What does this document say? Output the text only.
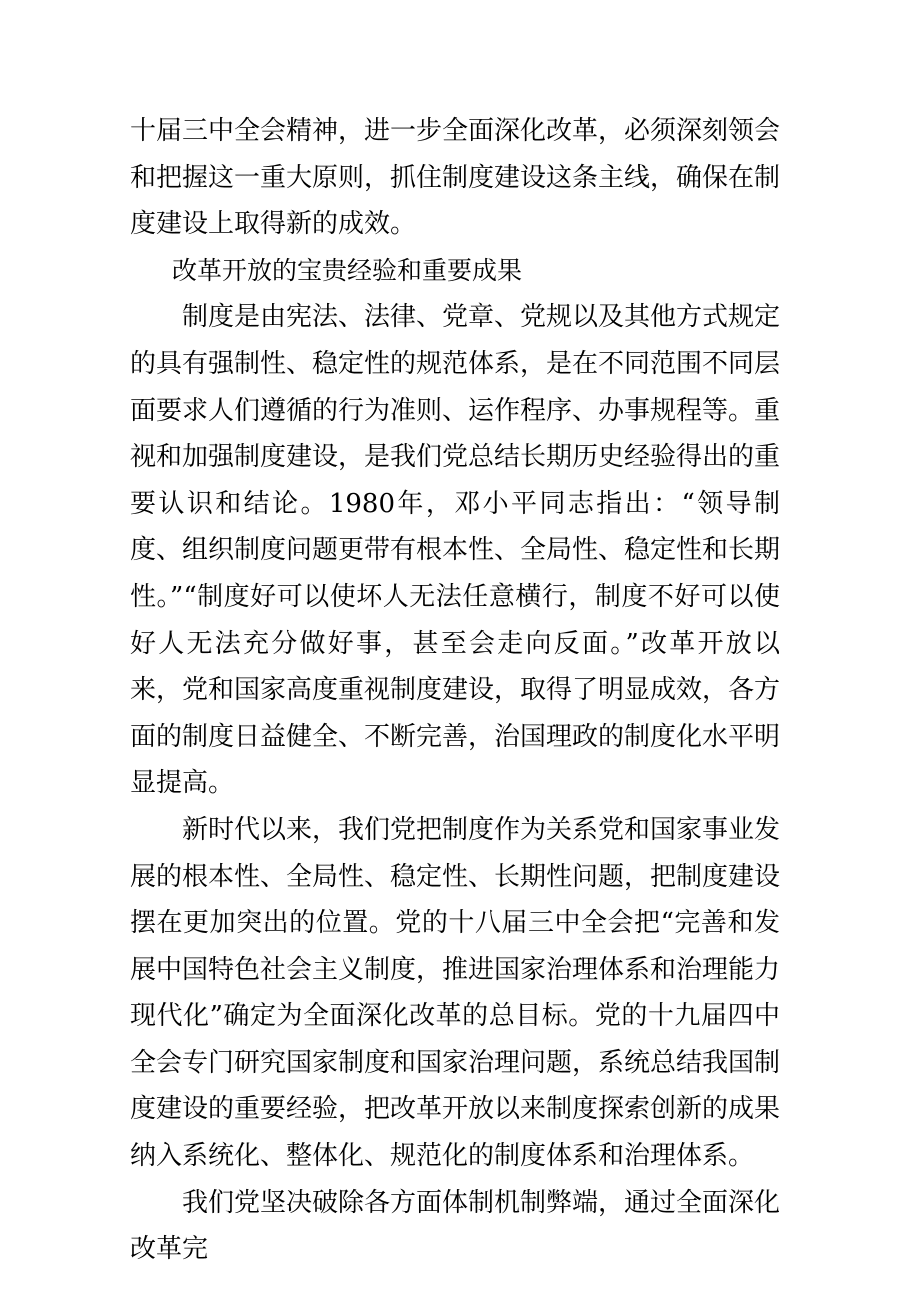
十届三中全会精神，进一步全面深化改革，必须深刻领会和把握这一重大原则，抓住制度建设这条主线，确保在制度建设上取得新的成效。

改革开放的宝贵经验和重要成果

制度是由宪法、法律、党章、党规以及其他方式规定的具有强制性、稳定性的规范体系，是在不同范围不同层面要求人们遵循的行为准则、运作程序、办事规程等。重视和加强制度建设，是我们党总结长期历史经验得出的重要认识和结论。1980年，邓小平同志指出：“领导制度、组织制度问题更带有根本性、全局性、稳定性和长期性。”“制度好可以使坏人无法任意横行，制度不好可以使好人无法充分做好事，甚至会走向反面。”改革开放以来，党和国家高度重视制度建设，取得了明显成效，各方面的制度日益健全、不断完善，治国理政的制度化水平明显提高。

新时代以来，我们党把制度作为关系党和国家事业发展的根本性、全局性、稳定性、长期性问题，把制度建设摆在更加突出的位置。党的十八届三中全会把“完善和发展中国特色社会主义制度，推进国家治理体系和治理能力现代化”确定为全面深化改革的总目标。党的十九届四中全会专门研究国家制度和国家治理问题，系统总结我国制度建设的重要经验，把改革开放以来制度探索创新的成果纳入系统化、整体化、规范化的制度体系和治理体系。

我们党坚决破除各方面体制机制弊端，通过全面深化改革完
